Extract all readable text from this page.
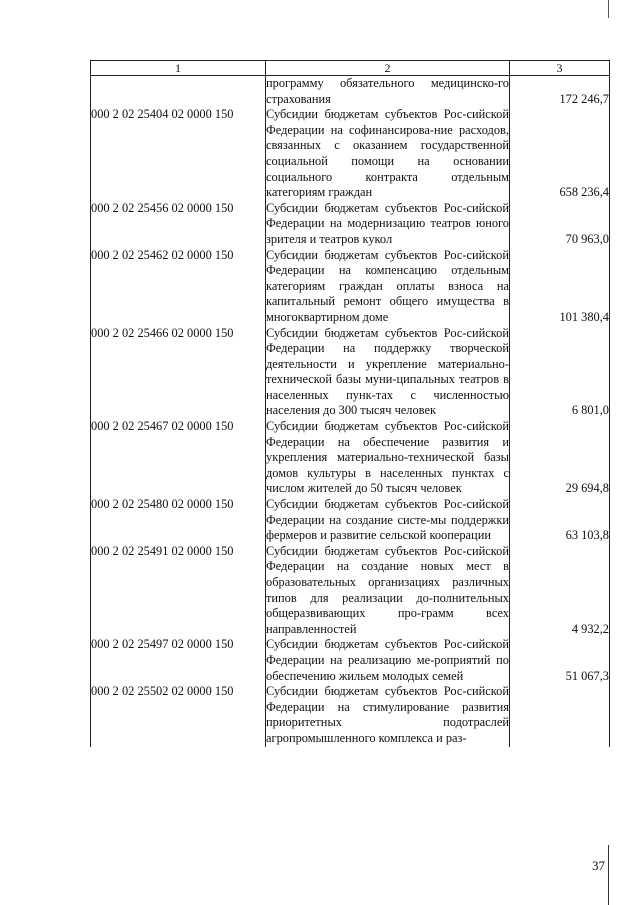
1	2	3
	программу обязательного медицинско-го страхования	172 246,7
000 2 02 25404 02 0000 150	Субсидии бюджетам субъектов Рос-сийской Федерации на софинансирова-ние расходов, связанных с оказанием государственной социальной помощи на основании социального контракта отдельным категориям граждан	658 236,4
000 2 02 25456 02 0000 150	Субсидии бюджетам субъектов Рос-сийской Федерации на модернизацию театров юного зрителя и театров кукол	70 963,0
000 2 02 25462 02 0000 150	Субсидии бюджетам субъектов Рос-сийской Федерации на компенсацию отдельным категориям граждан оплаты взноса на капитальный ремонт общего имущества в многоквартирном доме	101 380,4
000 2 02 25466 02 0000 150	Субсидии бюджетам субъектов Рос-сийской Федерации на поддержку творческой деятельности и укрепление материально-технической базы муни-ципальных театров в населенных пунк-тах с численностью населения до 300 тысяч человек	6 801,0
000 2 02 25467 02 0000 150	Субсидии бюджетам субъектов Рос-сийской Федерации на обеспечение развития и укрепления материально-технической базы домов культуры в населенных пунктах с числом жителей до 50 тысяч человек	29 694,8
000 2 02 25480 02 0000 150	Субсидии бюджетам субъектов Рос-сийской Федерации на создание систе-мы поддержки фермеров и развитие сельской кооперации	63 103,8
000 2 02 25491 02 0000 150	Субсидии бюджетам субъектов Рос-сийской Федерации на создание новых мест в образовательных организациях различных типов для реализации до-полнительных общеразвивающих про-грамм всех направленностей	4 932,2
000 2 02 25497 02 0000 150	Субсидии бюджетам субъектов Рос-сийской Федерации на реализацию ме-роприятий по обеспечению жильем молодых семей	51 067,3
000 2 02 25502 02 0000 150	Субсидии бюджетам субъектов Рос-сийской Федерации на стимулирование развития приоритетных подотраслей агропромышленного комплекса и раз-	
37
